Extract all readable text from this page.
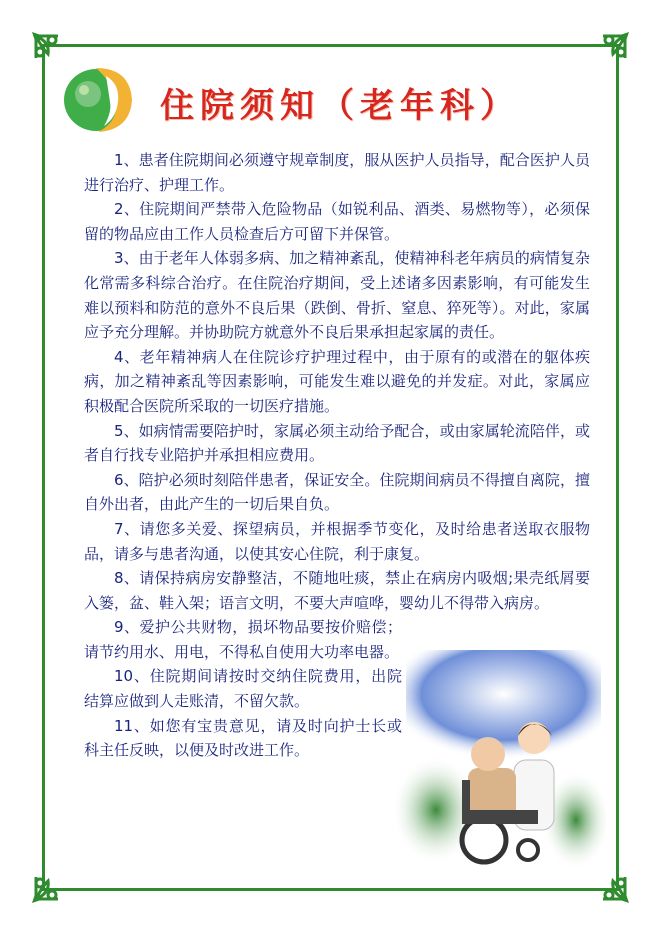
住院须知（老年科）

1、患者住院期间必须遵守规章制度，服从医护人员指导，配合医护人员进行治疗、护理工作。

2、住院期间严禁带入危险物品（如锐利品、酒类、易燃物等），必须保留的物品应由工作人员检查后方可留下并保管。

3、由于老年人体弱多病、加之精神紊乱，使精神科老年病员的病情复杂化常需多科综合治疗。在住院治疗期间，受上述诸多因素影响，有可能发生难以预料和防范的意外不良后果（跌倒、骨折、窒息、猝死等）。对此，家属应予充分理解。并协助院方就意外不良后果承担起家属的责任。

4、老年精神病人在住院诊疗护理过程中，由于原有的或潜在的躯体疾病，加之精神紊乱等因素影响，可能发生难以避免的并发症。对此，家属应积极配合医院所采取的一切医疗措施。

5、如病情需要陪护时，家属必须主动给予配合，或由家属轮流陪伴，或者自行找专业陪护并承担相应费用。

6、陪护必须时刻陪伴患者，保证安全。住院期间病员不得擅自离院，擅自外出者，由此产生的一切后果自负。

7、请您多关爱、探望病员，并根据季节变化，及时给患者送取衣服物品，请多与患者沟通，以使其安心住院，利于康复。

8、请保持病房安静整洁，不随地吐痰，禁止在病房内吸烟;果壳纸屑要入篓，盆、鞋入架；语言文明，不要大声喧哗，婴幼儿不得带入病房。

9、爱护公共财物，损坏物品要按价赔偿；请节约用水、用电，不得私自使用大功率电器。

10、住院期间请按时交纳住院费用，出院结算应做到人走账清，不留欠款。

11、如您有宝贵意见，请及时向护士长或科主任反映，以便及时改进工作。
